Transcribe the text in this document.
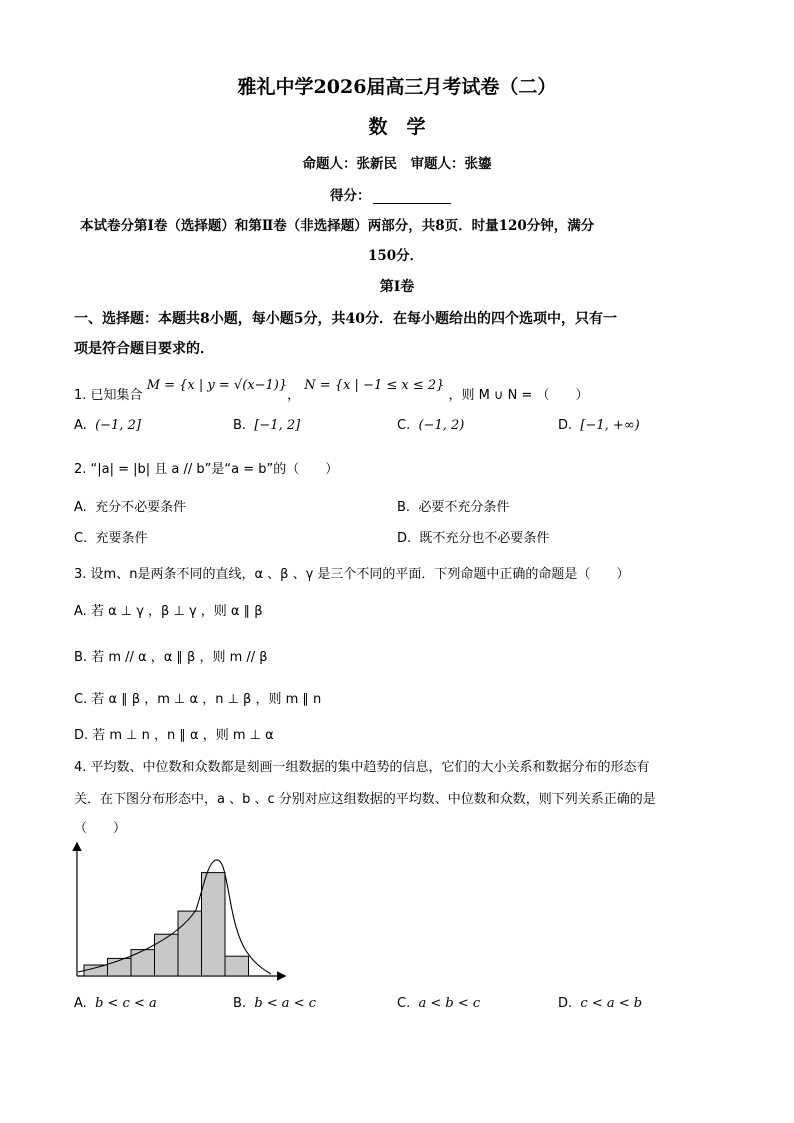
雅礼中学2026届高三月考试卷（二）
数　学
命题人：张新民　审题人：张鎏
得分：
本试卷分第Ⅰ卷（选择题）和第Ⅱ卷（非选择题）两部分，共8页．时量120分钟，满分
150分．
第Ⅰ卷
一、选择题：本题共8小题，每小题5分，共40分．在每小题给出的四个选项中，只有一
项是符合题目要求的．
1. 已知集合 M = {x | y = √(x−1)}， N = {x | −1 ≤ x ≤ 2} ，则 M ∪ N = （　　）
A. (−1, 2]	B. [−1, 2]	C. (−1, 2)	D. [−1, +∞)
2. “|a| = |b| 且 a // b”是“a = b”的（　　）
A. 充分不必要条件	B. 必要不充分条件
C. 充要条件	D. 既不充分也不必要条件
3. 设m、n是两条不同的直线，α 、β 、γ 是三个不同的平面．下列命题中正确的命题是（　　）
A. 若 α ⊥ γ ，β ⊥ γ ，则 α ∥ β
B. 若 m // α ，α ∥ β ，则 m // β
C. 若 α ∥ β ，m ⊥ α ，n ⊥ β ，则 m ∥ n
D. 若 m ⊥ n ，n ∥ α ，则 m ⊥ α
4. 平均数、中位数和众数都是刻画一组数据的集中趋势的信息，它们的大小关系和数据分布的形态有
关．在下图分布形态中，a 、b 、c 分别对应这组数据的平均数、中位数和众数，则下列关系正确的是
（　　）
A. b < c < a	B. b < a < c	C. a < b < c	D. c < a < b
